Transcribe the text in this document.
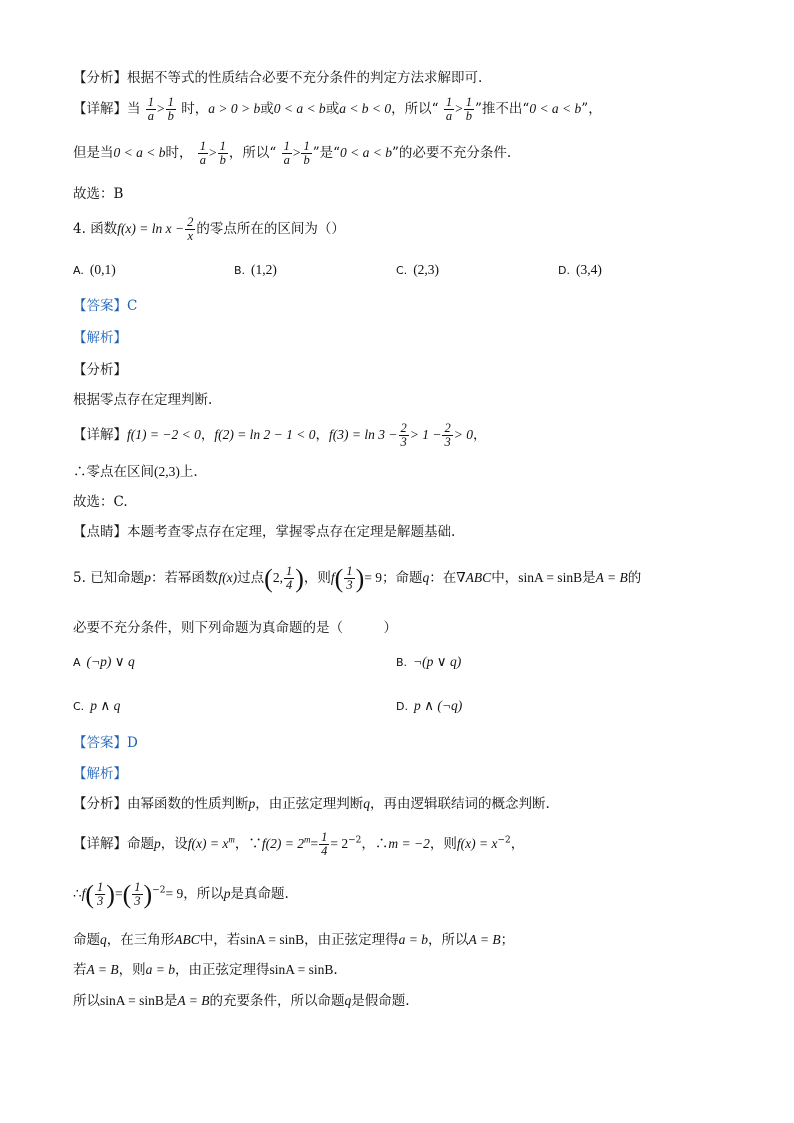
【分析】根据不等式的性质结合必要不充分条件的判定方法求解即可.
【详解】当 $\frac{1}{a} > \frac{1}{b}$ 时，a > 0 > b或0 < a < b或a < b < 0，所以“ $\frac{1}{a} > \frac{1}{b}$ ”推不出“0 < a < b”，
但是当0 < a < b时， $\frac{1}{a} > \frac{1}{b}$ ，所以“ $\frac{1}{a} > \frac{1}{b}$ ”是“0 < a < b”的必要不充分条件.
故选：B
4. 函数$f(x) = \ln x - \frac{2}{x}$ 的零点所在的区间为（）
A. (0,1)	B. (1,2)	C. (2,3)	D. (3,4)
【答案】C
【解析】
【分析】
根据零点存在定理判断.
【详解】f(1) = −2 < 0，f(2) = ln 2 − 1 < 0，$f(3) = \ln 3 - \frac{2}{3} > 1 - \frac{2}{3} > 0$，
∴零点在区间(2,3)上.
故选：C.
【点睛】本题考查零点存在定理，掌握零点存在定理是解题基础.
5. 已知命题p：若幂函数f(x)过点(2, $\frac{1}{4}$ )，则$f( \frac{1}{3}$ )= 9；命题q：在∇ABC中，sinA = sinB是A = B的
必要不充分条件，则下列命题为真命题的是（　　　）
A (¬p) ∨ q	B. ¬(p ∨ q)
C. p ∧ q	D. p ∧ (¬q)
【答案】D
【解析】
【分析】由幂函数的性质判断p，由正弦定理判断q，再由逻辑联结词的概念判断.
【详解】命题p，设$f(x) = x^m$，∵f(2) = $2^m= \frac{1}{4} = 2^{-2}$，∴m = −2，则$f(x) = x^{-2}$，
∴f( $\frac{1}{3}$ )=( $\frac{1}{3} )^{-2}= 9$，所以p是真命题.
命题q，在三角形ABC中，若sinA = sinB，由正弦定理得a = b，所以A = B；
若A = B，则a = b，由正弦定理得sinA = sinB.
所以sinA = sinB是A = B的充要条件，所以命题q是假命题.
